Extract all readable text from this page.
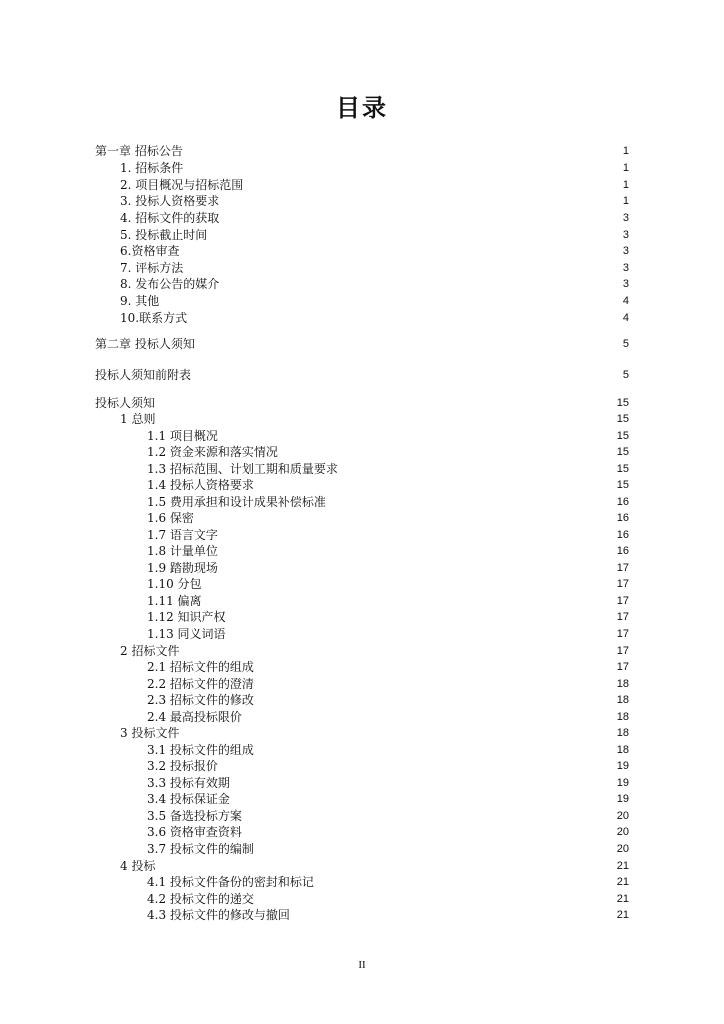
目录
第一章 招标公告	1
1. 招标条件	1
2. 项目概况与招标范围	1
3. 投标人资格要求	1
4. 招标文件的获取	3
5. 投标截止时间	3
6.资格审查	3
7. 评标方法	3
8. 发布公告的媒介	3
9. 其他	4
10.联系方式	4
第二章 投标人须知	5
投标人须知前附表	5
投标人须知	15
1 总则	15
1.1 项目概况	15
1.2 资金来源和落实情况	15
1.3 招标范围、计划工期和质量要求	15
1.4 投标人资格要求	15
1.5 费用承担和设计成果补偿标准	16
1.6 保密	16
1.7 语言文字	16
1.8 计量单位	16
1.9 踏勘现场	17
1.10 分包	17
1.11 偏离	17
1.12 知识产权	17
1.13 同义词语	17
2 招标文件	17
2.1 招标文件的组成	17
2.2 招标文件的澄清	18
2.3 招标文件的修改	18
2.4 最高投标限价	18
3 投标文件	18
3.1 投标文件的组成	18
3.2 投标报价	19
3.3 投标有效期	19
3.4 投标保证金	19
3.5 备选投标方案	20
3.6 资格审查资料	20
3.7 投标文件的编制	20
4 投标	21
4.1 投标文件备份的密封和标记	21
4.2 投标文件的递交	21
4.3 投标文件的修改与撤回	21
II
